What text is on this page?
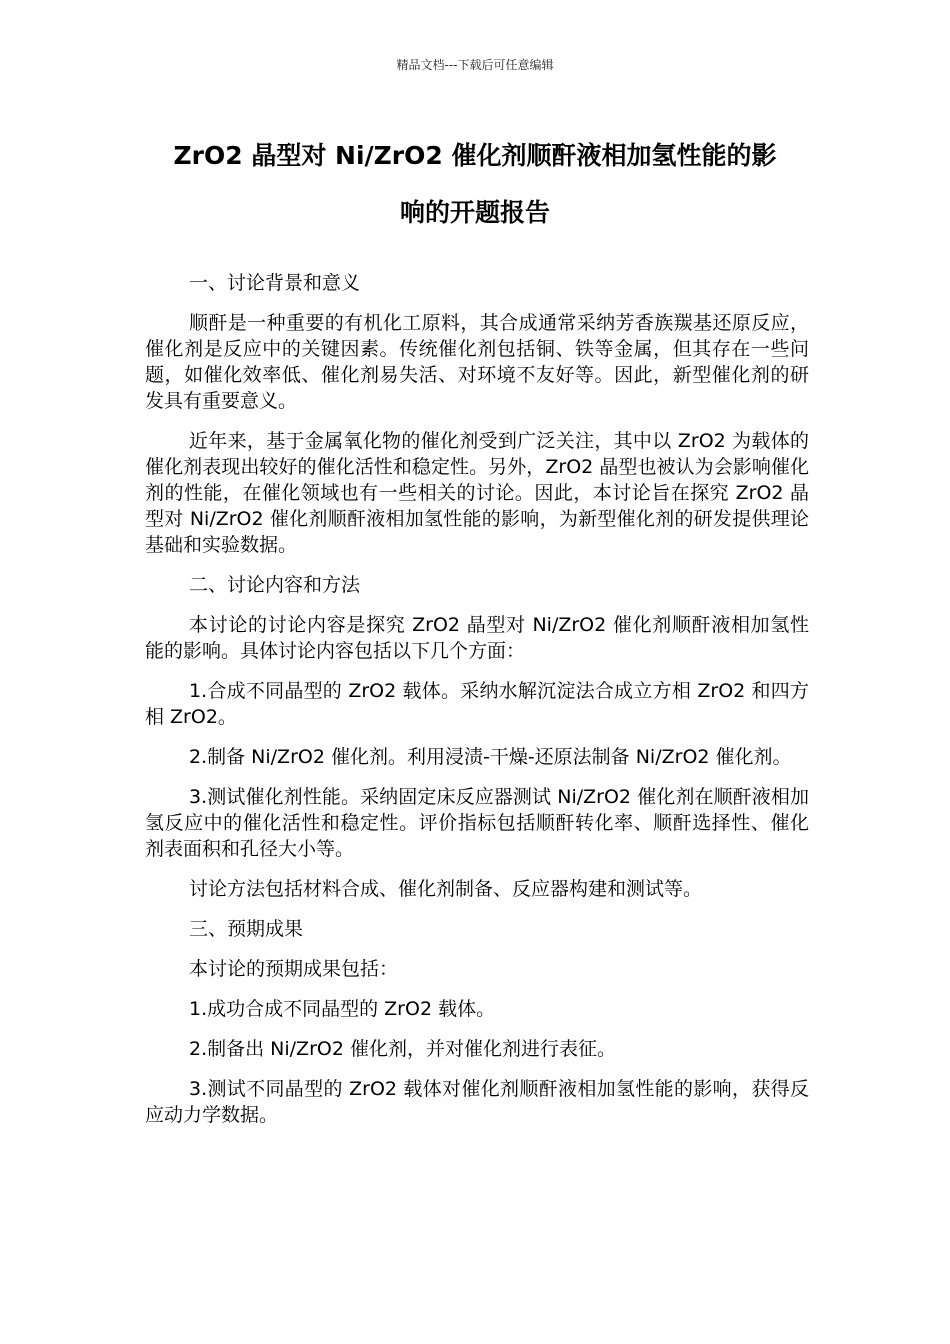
精品文档---下载后可任意编辑
ZrO2 晶型对 Ni/ZrO2 催化剂顺酐液相加氢性能的影
响的开题报告

一、讨论背景和意义

顺酐是一种重要的有机化工原料，其合成通常采纳芳香族羰基还原反应，催化剂是反应中的关键因素。传统催化剂包括铜、铁等金属，但其存在一些问题，如催化效率低、催化剂易失活、对环境不友好等。因此，新型催化剂的研发具有重要意义。

近年来，基于金属氧化物的催化剂受到广泛关注，其中以 ZrO2 为载体的催化剂表现出较好的催化活性和稳定性。另外，ZrO2 晶型也被认为会影响催化剂的性能，在催化领域也有一些相关的讨论。因此，本讨论旨在探究 ZrO2 晶型对 Ni/ZrO2 催化剂顺酐液相加氢性能的影响，为新型催化剂的研发提供理论基础和实验数据。

二、讨论内容和方法

本讨论的讨论内容是探究 ZrO2 晶型对 Ni/ZrO2 催化剂顺酐液相加氢性能的影响。具体讨论内容包括以下几个方面：

1.合成不同晶型的 ZrO2 载体。采纳水解沉淀法合成立方相 ZrO2 和四方相 ZrO2。

2.制备 Ni/ZrO2 催化剂。利用浸渍-干燥-还原法制备 Ni/ZrO2 催化剂。

3.测试催化剂性能。采纳固定床反应器测试 Ni/ZrO2 催化剂在顺酐液相加氢反应中的催化活性和稳定性。评价指标包括顺酐转化率、顺酐选择性、催化剂表面积和孔径大小等。

讨论方法包括材料合成、催化剂制备、反应器构建和测试等。

三、预期成果

本讨论的预期成果包括：

1.成功合成不同晶型的 ZrO2 载体。

2.制备出 Ni/ZrO2 催化剂，并对催化剂进行表征。

3.测试不同晶型的 ZrO2 载体对催化剂顺酐液相加氢性能的影响，获得反应动力学数据。
